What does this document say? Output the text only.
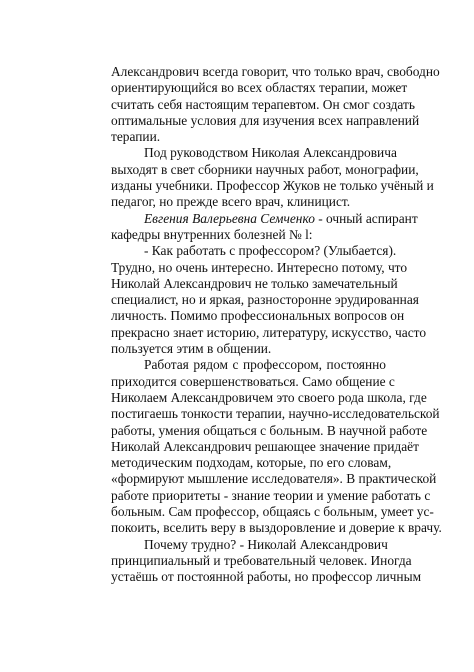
Александрович всегда говорит, что только врач, свободно
ориентирующийся во всех областях терапии, может
считать себя настоящим терапевтом. Он смог создать
оптимальные условия для изучения всех направлений
терапии.
Под руководством Николая Александровича
выходят в свет сборники научных работ, монографии,
изданы учебники. Профессор Жуков не только учёный и
педагог, но прежде всего врач, клиницист.
Евгения Валерьевна Семченко - очный аспирант
кафедры внутренних болезней № l:
- Как работать с профессором? (Улыбается).
Трудно, но очень интересно. Интересно потому, что
Николай Александрович не только замечательный
специалист, но и яркая, разносторонне эрудированная
личность. Помимо профессиональных вопросов он
прекрасно знает историю, литературу, искусство, часто
пользуется этим в общении.
Работая рядом с профессором, постоянно
приходится совершенствоваться. Само общение с
Николаем Александровичем это своего рода школа, где
постигаешь тонкости терапии, научно-исследовательской
работы, умения общаться с больным. В научной работе
Николай Александрович решающее значение придаёт
методическим подходам, которые, по его словам,
«формируют мышление исследователя». В практической
работе приоритеты - знание теории и умение работать с
больным. Сам профессор, общаясь с больным, умеет ус-
покоить, вселить веру в выздоровление и доверие к врачу.
Почему трудно? - Николай Александрович
принципиальный и требовательный человек. Иногда
устаёшь от постоянной работы, но профессор личным
